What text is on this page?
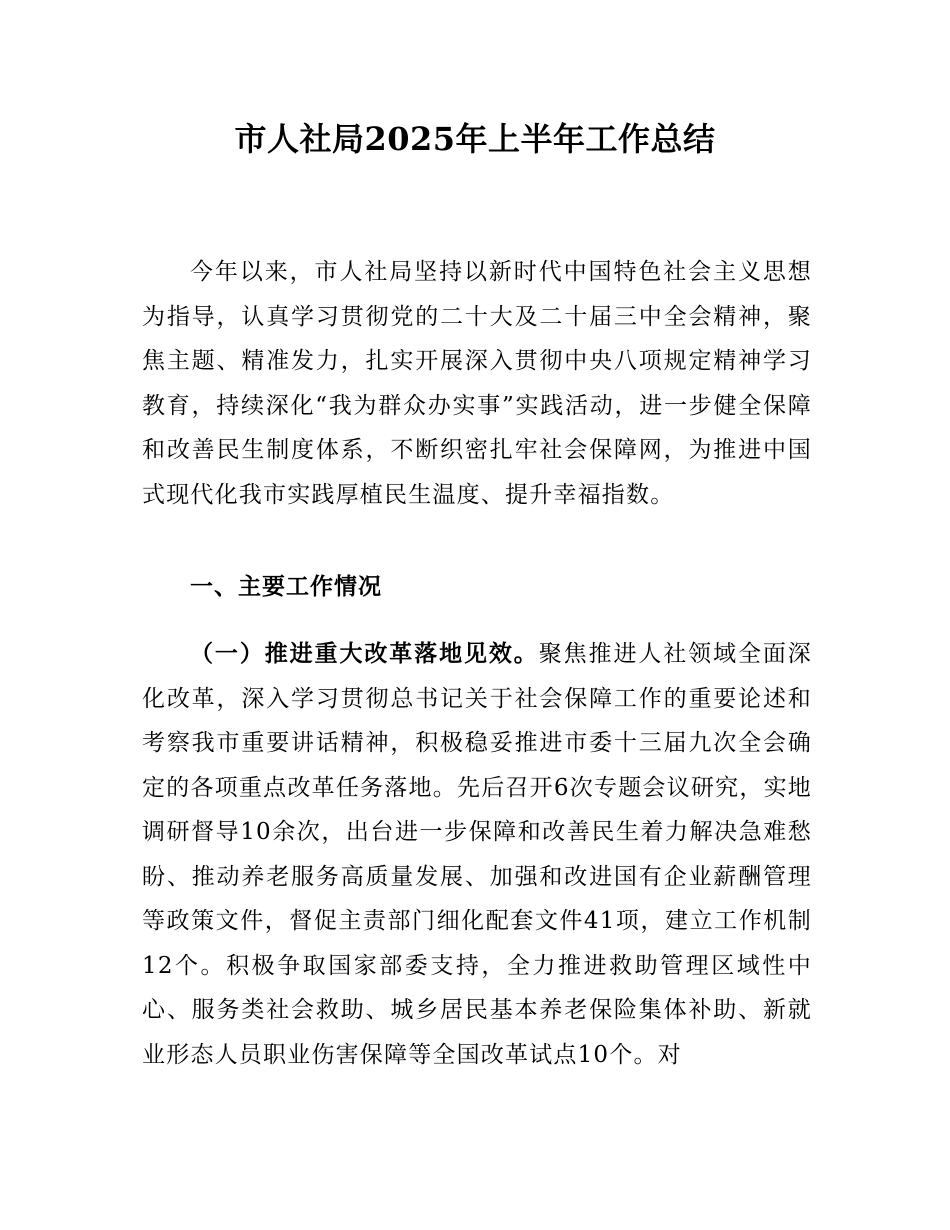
市人社局2025年上半年工作总结

今年以来，市人社局坚持以新时代中国特色社会主义思想为指导，认真学习贯彻党的二十大及二十届三中全会精神，聚焦主题、精准发力，扎实开展深入贯彻中央八项规定精神学习教育，持续深化“我为群众办实事”实践活动，进一步健全保障和改善民生制度体系，不断织密扎牢社会保障网，为推进中国式现代化我市实践厚植民生温度、提升幸福指数。

一、主要工作情况

（一）推进重大改革落地见效。聚焦推进人社领域全面深化改革，深入学习贯彻总书记关于社会保障工作的重要论述和考察我市重要讲话精神，积极稳妥推进市委十三届九次全会确定的各项重点改革任务落地。先后召开6次专题会议研究，实地调研督导10余次，出台进一步保障和改善民生着力解决急难愁盼、推动养老服务高质量发展、加强和改进国有企业薪酬管理等政策文件，督促主责部门细化配套文件41项，建立工作机制12个。积极争取国家部委支持，全力推进救助管理区域性中心、服务类社会救助、城乡居民基本养老保险集体补助、新就业形态人员职业伤害保障等全国改革试点10个。对
